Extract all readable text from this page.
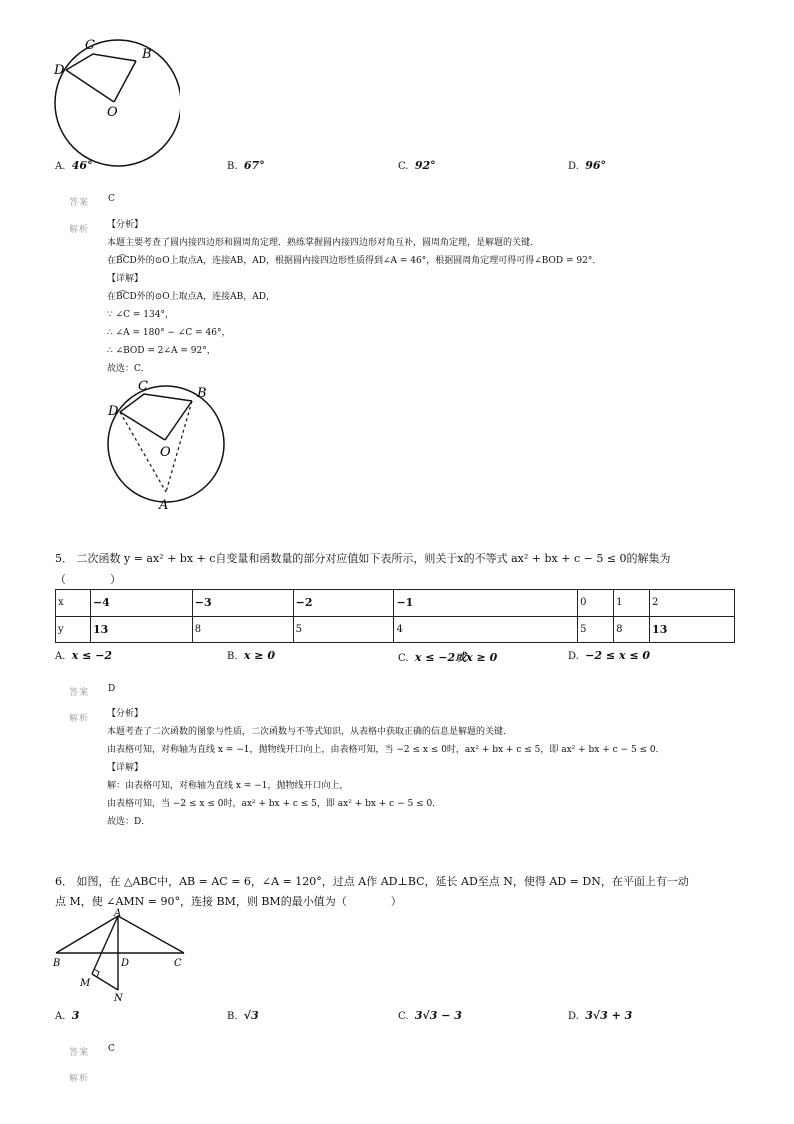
C
B
D
O
A. 46°	B. 67°	C. 92°	D. 96°
答案 C
解析 【分析】
本题主要考查了圆内接四边形和圆周角定理．熟练掌握圆内接四边形对角互补，圆周角定理，是解题的关键．
在B͡CD外的⊙O上取点A，连接AB，AD，根据圆内接四边形性质得到∠A = 46°，根据圆周角定理可得可得∠BOD = 92°．
【详解】
在B͡CD外的⊙O上取点A，连接AB，AD，
∵ ∠C = 134°，
∴ ∠A = 180° − ∠C = 46°，
∴ ∠BOD = 2∠A = 92°，
故选：C．
C	B
D
O
A
5． 二次函数 y = ax² + bx + c自变量和函数量的部分对应值如下表所示，则关于x的不等式 ax² + bx + c − 5 ≤ 0的解集为
（　　　　）
x	−4	−3	−2	−1	0	1	2
y	13	8	5	4	5	8	13
A. x ≤ −2	B. x ≥ 0	C. x ≤ −2或x ≥ 0	D. −2 ≤ x ≤ 0
答案 D
解析 【分析】
本题考查了二次函数的图象与性质，二次函数与不等式知识，从表格中获取正确的信息是解题的关键．
由表格可知，对称轴为直线 x = −1，抛物线开口向上，由表格可知，当 −2 ≤ x ≤ 0时，ax² + bx + c ≤ 5，即 ax² + bx + c − 5 ≤ 0．
【详解】
解：由表格可知，对称轴为直线 x = −1，抛物线开口向上，
由表格可知，当 −2 ≤ x ≤ 0时，ax² + bx + c ≤ 5，即 ax² + bx + c − 5 ≤ 0．
故选：D．
6． 如图，在 △ABC中，AB = AC = 6，∠A = 120°，过点 A作 AD⊥BC，延长 AD至点 N，使得 AD = DN，在平面上有一动
点 M，使 ∠AMN = 90°，连接 BM，则 BM的最小值为（　　　　）
A
B	C
D
M
N
A. 3	B. √3	C. 3√3 − 3	D. 3√3 + 3
答案 C
解析
